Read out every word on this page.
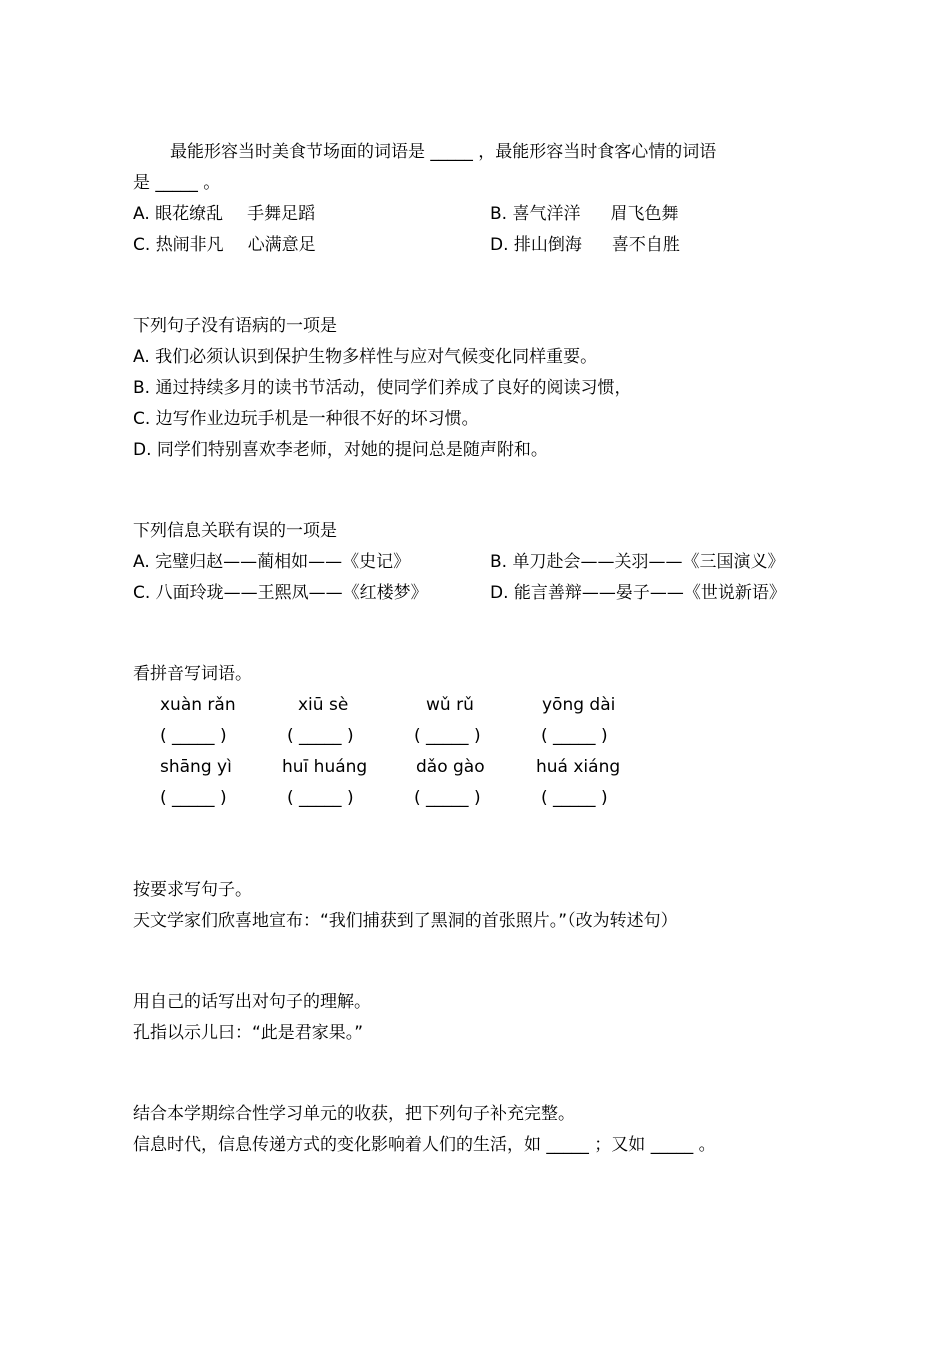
最能形容当时美食节场面的词语是 _____ ，最能形容当时食客心情的词语
是 _____ 。
A. 眼花缭乱 手舞足蹈	B. 喜气洋洋 眉飞色舞
C. 热闹非凡 心满意足	D. 排山倒海 喜不自胜
下列句子没有语病的一项是
A. 我们必须认识到保护生物多样性与应对气候变化同样重要。
B. 通过持续多月的读书节活动，使同学们养成了良好的阅读习惯，
C. 边写作业边玩手机是一种很不好的坏习惯。
D. 同学们特别喜欢李老师，对她的提问总是随声附和。
下列信息关联有误的一项是
A. 完璧归赵——蔺相如——《史记》	B. 单刀赴会——关羽——《三国演义》
C. 八面玲珑——王熙凤——《红楼梦》	D. 能言善辩——晏子——《世说新语》
看拼音写词语。
xuàn rǎn	xiū sè	wǔ rǔ	yōng dài
( _____ )	( _____ )	( _____ )	( _____ )
shāng yì	huī huáng	dǎo gào	huá xiáng
( _____ )	( _____ )	( _____ )	( _____ )
按要求写句子。
天文学家们欣喜地宣布：“我们捕获到了黑洞的首张照片。”（改为转述句）
用自己的话写出对句子的理解。
孔指以示儿曰：“此是君家果。”
结合本学期综合性学习单元的收获，把下列句子补充完整。
信息时代，信息传递方式的变化影响着人们的生活，如 _____ ；又如 _____ 。
